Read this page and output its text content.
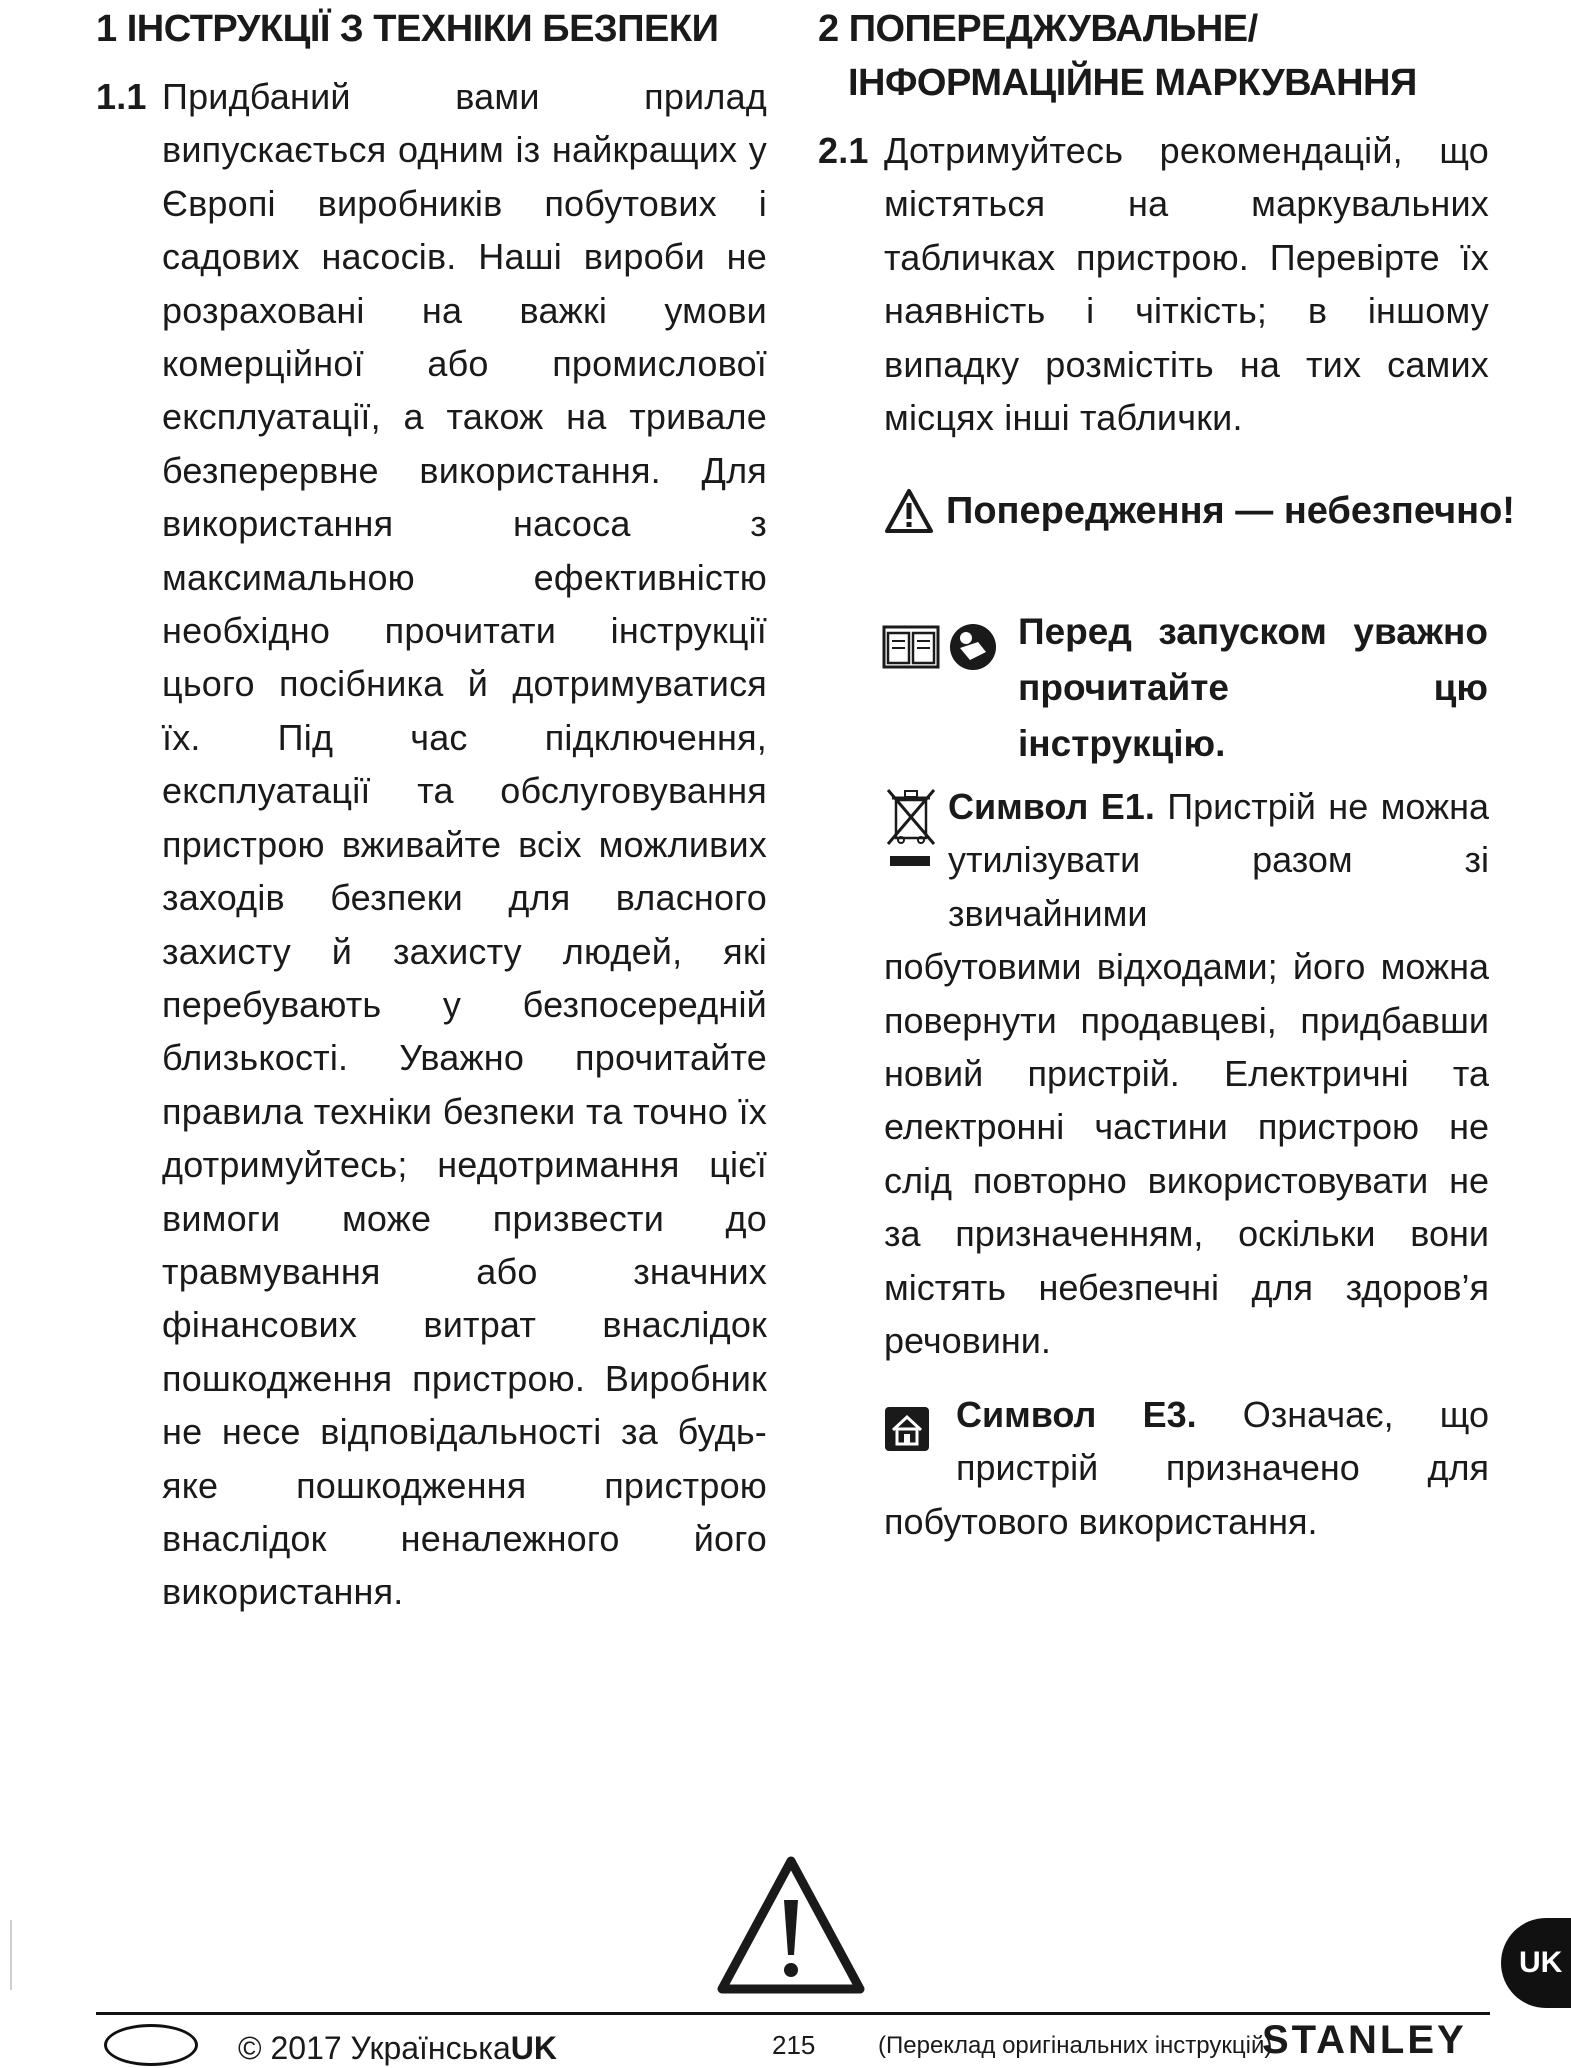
1 ІНСТРУКЦІЇ З ТЕХНІКИ БЕЗПЕКИ

1.1 Придбаний вами прилад випускається одним із найкращих у Європі виробників побутових і садових насосів. Наші вироби не розраховані на важкі умови комерційної або промислової експлуатації, а також на тривале безперервне використання. Для використання насоса з максимальною ефективністю необхідно прочитати інструкції цього посібника й дотримуватися їх. Під час підключення, експлуатації та обслуговування пристрою вживайте всіх можливих заходів безпеки для власного захисту й захисту людей, які перебувають у безпосередній близькості. Уважно прочитайте правила техніки безпеки та точно їх дотримуйтесь; недотримання цієї вимоги може призвести до травмування або значних фінансових витрат внаслідок пошкодження пристрою. Виробник не несе відповідальності за будь-яке пошкодження пристрою внаслідок неналежного його використання.

2 ПОПЕРЕДЖУВАЛЬНЕ/
ІНФОРМАЦІЙНЕ МАРКУВАННЯ

2.1 Дотримуйтесь рекомендацій, що містяться на маркувальних табличках пристрою. Перевірте їх наявність і чіткість; в іншому випадку розмістіть на тих самих місцях інші таблички.

Попередження — небезпечно!
Перед запуском уважно прочитайте цю інструкцію.
Символ E1. Пристрій не можна утилізувати разом зі звичайними

побутовими відходами; його можна повернути продавцеві, придбавши новий пристрій. Електричні та електронні частини пристрою не слід повторно використовувати не за призначенням, оскільки вони містять небезпечні для здоров’я речовини.

Символ E3. Означає, що пристрій призначено для

побутового використання.

UK
© 2017 УкраїнськаUK	215	(Переклад оригінальних інструкцій)
STANLEY
